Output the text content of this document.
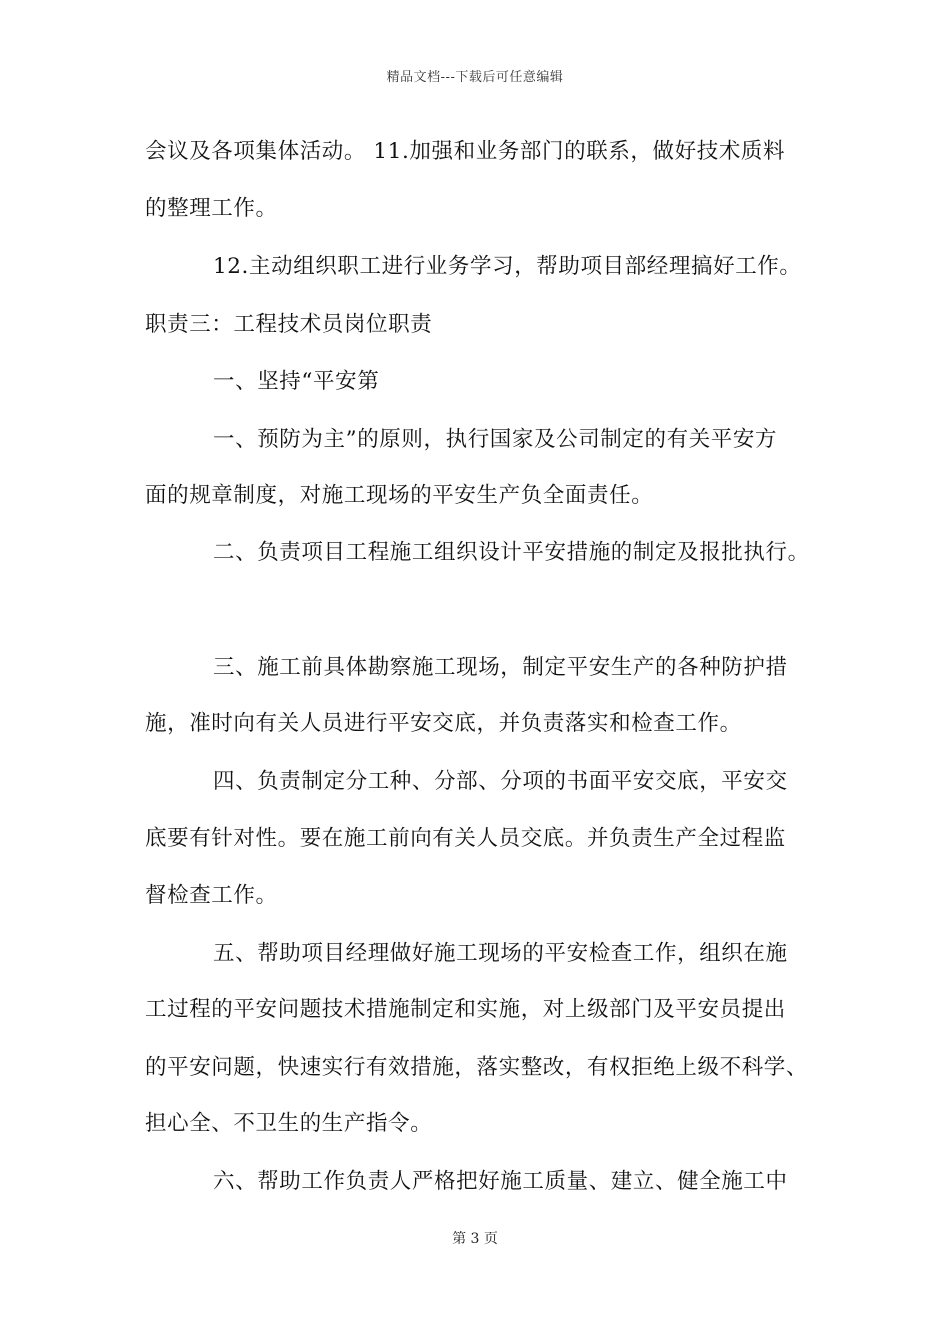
精品文档---下载后可任意编辑
会议及各项集体活动。 11.加强和业务部门的联系，做好技术质料
的整理工作。
12.主动组织职工进行业务学习，帮助项目部经理搞好工作。
职责三：工程技术员岗位职责
一、坚持“平安第
一、预防为主”的原则，执行国家及公司制定的有关平安方
面的规章制度，对施工现场的平安生产负全面责任。
二、负责项目工程施工组织设计平安措施的制定及报批执行。
三、施工前具体勘察施工现场，制定平安生产的各种防护措
施，准时向有关人员进行平安交底，并负责落实和检查工作。
四、负责制定分工种、分部、分项的书面平安交底，平安交
底要有针对性。要在施工前向有关人员交底。并负责生产全过程监
督检查工作。
五、帮助项目经理做好施工现场的平安检查工作，组织在施
工过程的平安问题技术措施制定和实施，对上级部门及平安员提出
的平安问题，快速实行有效措施，落实整改，有权拒绝上级不科学、
担心全、不卫生的生产指令。
六、帮助工作负责人严格把好施工质量、建立、健全施工中
第 3 页
